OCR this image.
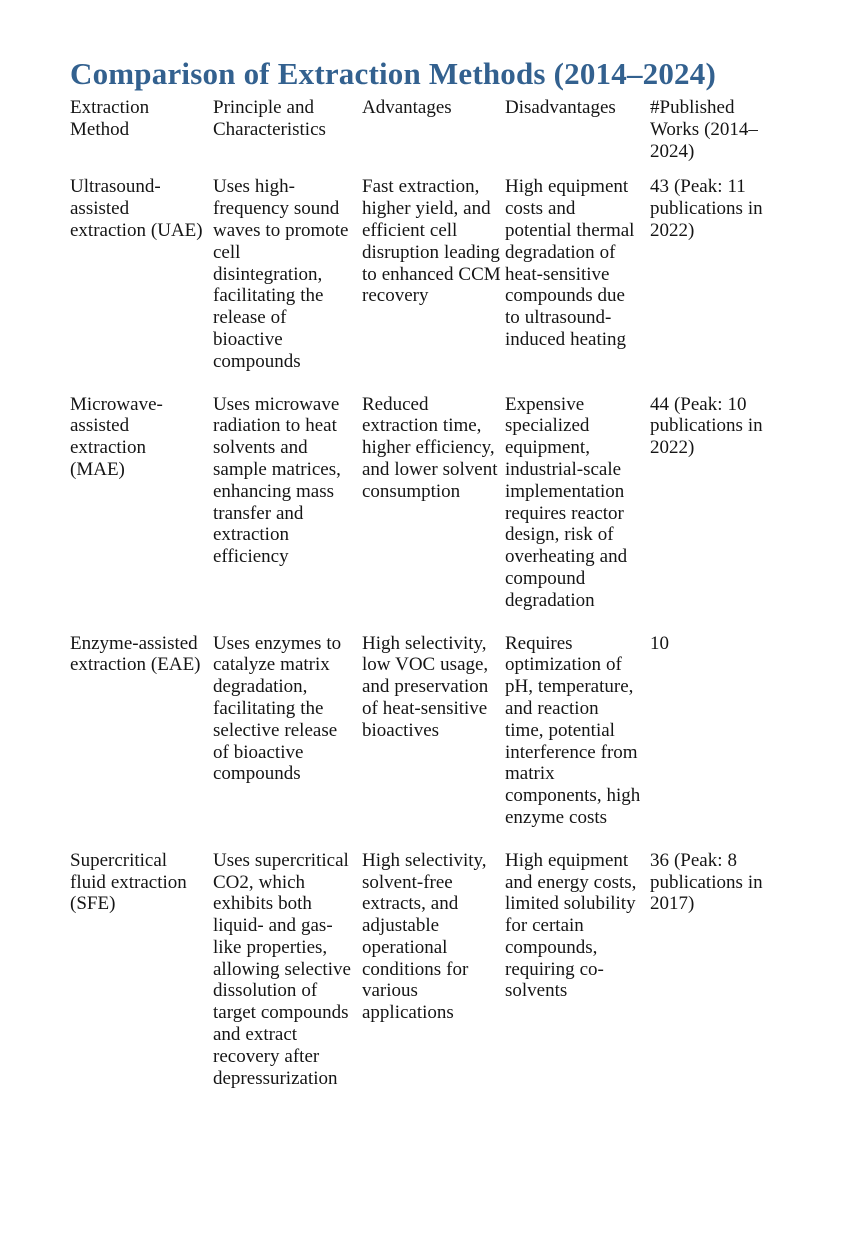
Comparison of Extraction Methods (2014–2024)
Extraction Method
Principle and Characteristics
Advantages	Disadvantages	#Published Works (2014– 2024)
Ultrasound-assisted extraction (UAE)
Uses high-frequency sound waves to promote cell disintegration, facilitating the release of bioactive compounds
Fast extraction, higher yield, and efficient cell disruption leading to enhanced CCM recovery
High equipment costs and potential thermal degradation of heat-sensitive compounds due to ultrasound-induced heating
43 (Peak: 11 publications in 2022)
Microwave-assisted extraction (MAE)
Uses microwave radiation to heat solvents and sample matrices, enhancing mass transfer and extraction efficiency
Reduced extraction time, higher efficiency, and lower solvent consumption
Expensive specialized equipment, industrial-scale implementation requires reactor design, risk of overheating and compound degradation
44 (Peak: 10 publications in 2022)
Enzyme-assisted extraction (EAE)
Uses enzymes to catalyze matrix degradation, facilitating the selective release of bioactive compounds
High selectivity, low VOC usage, and preservation of heat-sensitive bioactives
Requires optimization of pH, temperature, and reaction time, potential interference from matrix components, high enzyme costs
10
Supercritical fluid extraction (SFE)
Uses supercritical CO2, which exhibits both liquid- and gas-like properties, allowing selective dissolution of target compounds and extract recovery after depressurization
High selectivity, solvent-free extracts, and adjustable operational conditions for various applications
High equipment and energy costs, limited solubility for certain compounds, requiring co-solvents
36 (Peak: 8 publications in 2017)
